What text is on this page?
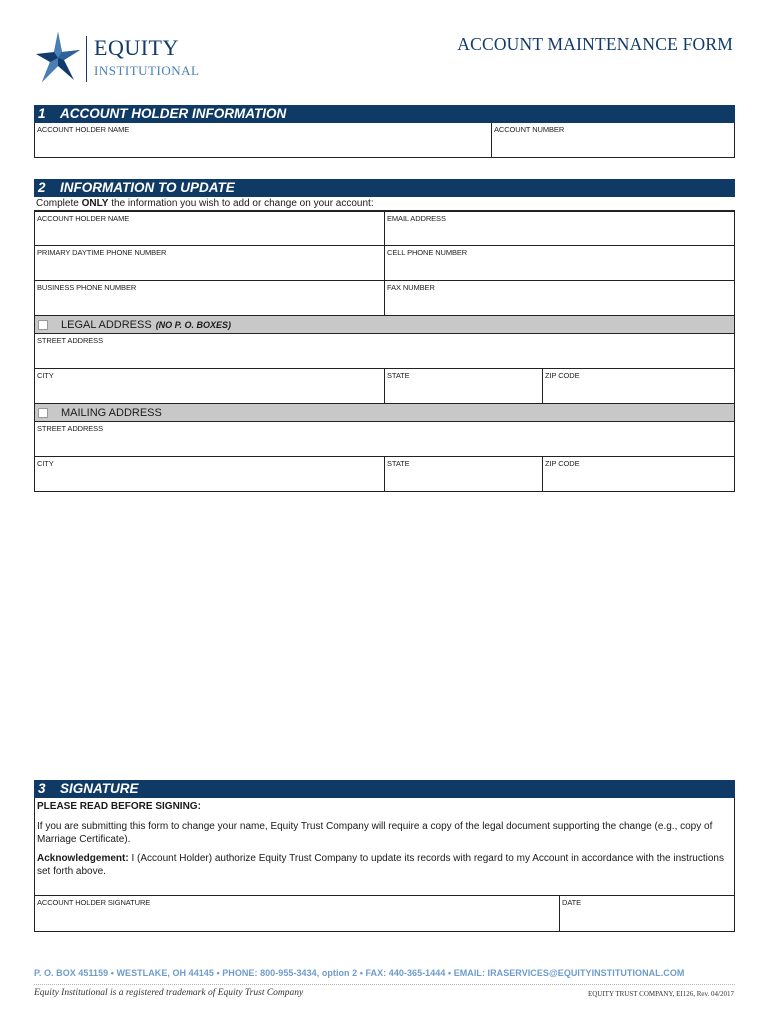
EQUITY
INSTITUTIONAL
ACCOUNT MAINTENANCE FORM
1 ACCOUNT HOLDER INFORMATION
ACCOUNT HOLDER NAME	ACCOUNT NUMBER
2 INFORMATION TO UPDATE
Complete ONLY the information you wish to add or change on your account:
ACCOUNT HOLDER NAME	EMAIL ADDRESS
PRIMARY DAYTIME PHONE NUMBER	CELL PHONE NUMBER
BUSINESS PHONE NUMBER	FAX NUMBER
LEGAL ADDRESS (NO P. O. BOXES)
STREET ADDRESS
CITY	STATE	ZIP CODE
MAILING ADDRESS
STREET ADDRESS
CITY	STATE	ZIP CODE
3 SIGNATURE
PLEASE READ BEFORE SIGNING:
If you are submitting this form to change your name, Equity Trust Company will require a copy of the legal document supporting the change (e.g., copy of Marriage Certificate).
Acknowledgement: I (Account Holder) authorize Equity Trust Company to update its records with regard to my Account in accordance with the instructions set forth above.
ACCOUNT HOLDER SIGNATURE	DATE
P. O. BOX 451159 • WESTLAKE, OH 44145 • PHONE: 800-955-3434, option 2 • FAX: 440-365-1444 • EMAIL: IRASERVICES@EQUITYINSTITUTIONAL.COM
Equity Institutional is a registered trademark of Equity Trust Company	EQUITY TRUST COMPANY, EI126, Rev. 04/2017
